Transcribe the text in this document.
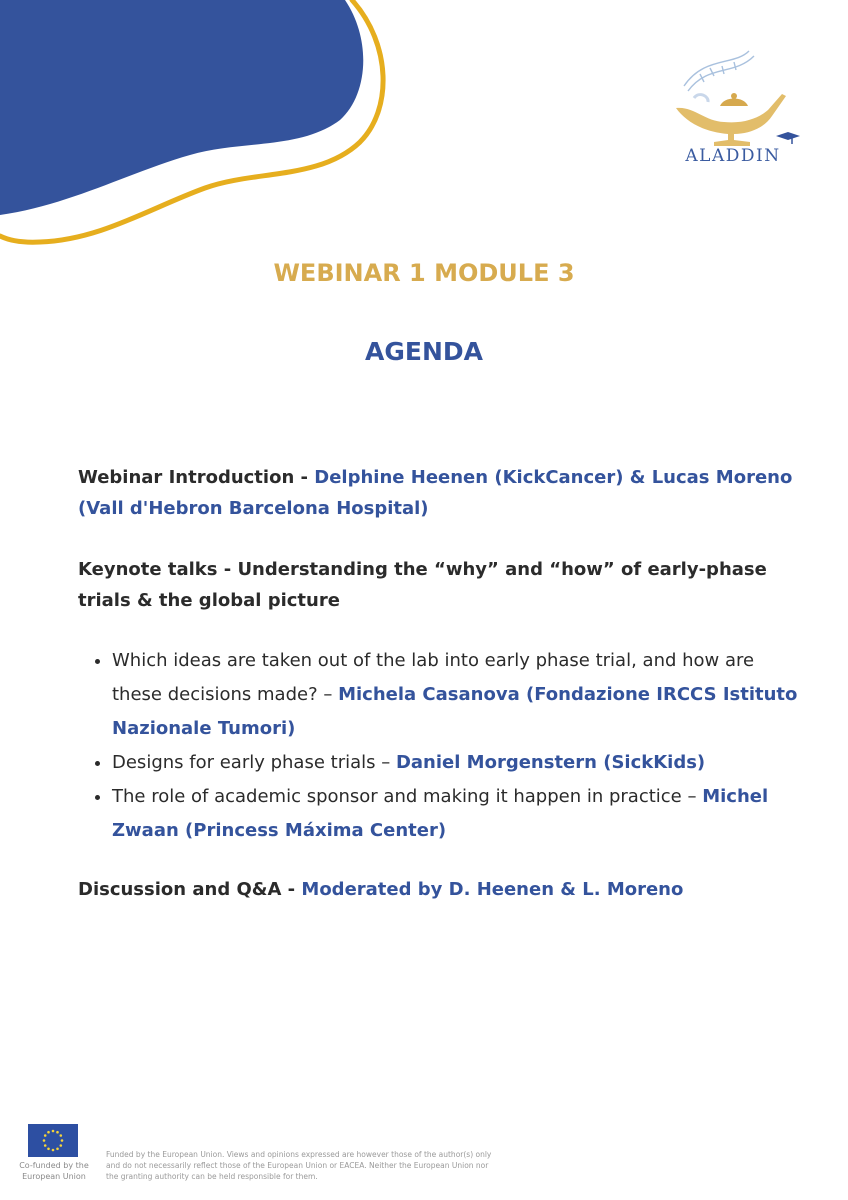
ALADDIN
WEBINAR 1 MODULE 3
AGENDA

Webinar Introduction - Delphine Heenen (KickCancer) & Lucas Moreno (Vall d'Hebron Barcelona Hospital)

Keynote talks - Understanding the “why” and “how” of early-phase trials & the global picture

• Which ideas are taken out of the lab into early phase trial, and how are these decisions made? – Michela Casanova (Fondazione IRCCS Istituto Nazionale Tumori)
• Designs for early phase trials – Daniel Morgenstern (SickKids)
• The role of academic sponsor and making it happen in practice – Michel Zwaan (Princess Máxima Center)

Discussion and Q&A - Moderated by D. Heenen & L. Moreno

Co-funded by the European Union
Funded by the European Union. Views and opinions expressed are however those of the author(s) only and do not necessarily reflect those of the European Union or EACEA. Neither the European Union nor the granting authority can be held responsible for them.
